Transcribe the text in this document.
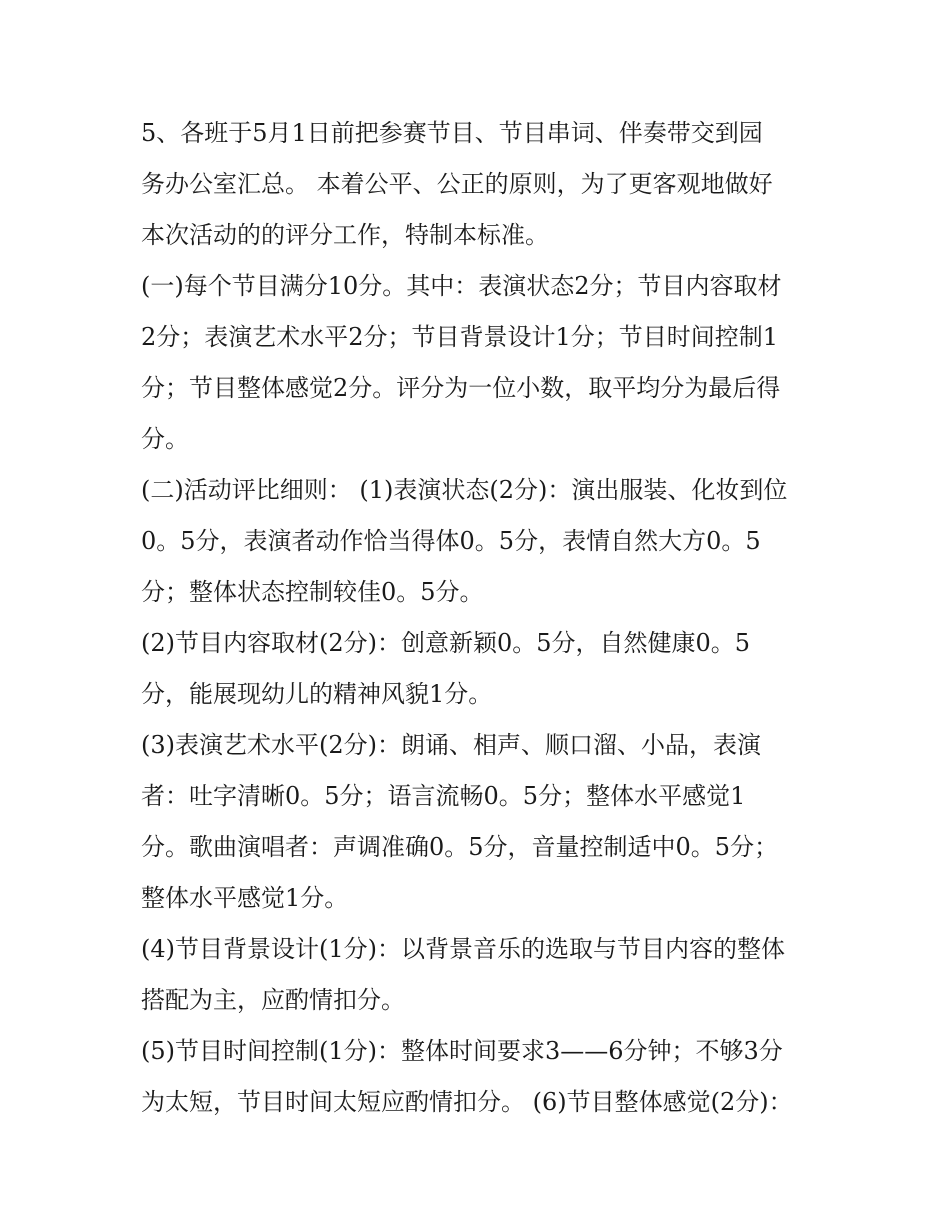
5、各班于5月1日前把参赛节目、节目串词、伴奏带交到园
务办公室汇总。 本着公平、公正的原则，为了更客观地做好
本次活动的的评分工作，特制本标准。
(一)每个节目满分10分。其中：表演状态2分；节目内容取材
2分；表演艺术水平2分；节目背景设计1分；节目时间控制1
分；节目整体感觉2分。评分为一位小数，取平均分为最后得
分。
(二)活动评比细则： (1)表演状态(2分)：演出服装、化妆到位
0。5分，表演者动作恰当得体0。5分，表情自然大方0。5
分；整体状态控制较佳0。5分。
(2)节目内容取材(2分)：创意新颖0。5分，自然健康0。5
分，能展现幼儿的精神风貌1分。
(3)表演艺术水平(2分)：朗诵、相声、顺口溜、小品，表演
者：吐字清晰0。5分；语言流畅0。5分；整体水平感觉1
分。歌曲演唱者：声调准确0。5分，音量控制适中0。5分；
整体水平感觉1分。
(4)节目背景设计(1分)：以背景音乐的选取与节目内容的整体
搭配为主，应酌情扣分。
(5)节目时间控制(1分)：整体时间要求3——6分钟；不够3分
为太短，节目时间太短应酌情扣分。 (6)节目整体感觉(2分)：
